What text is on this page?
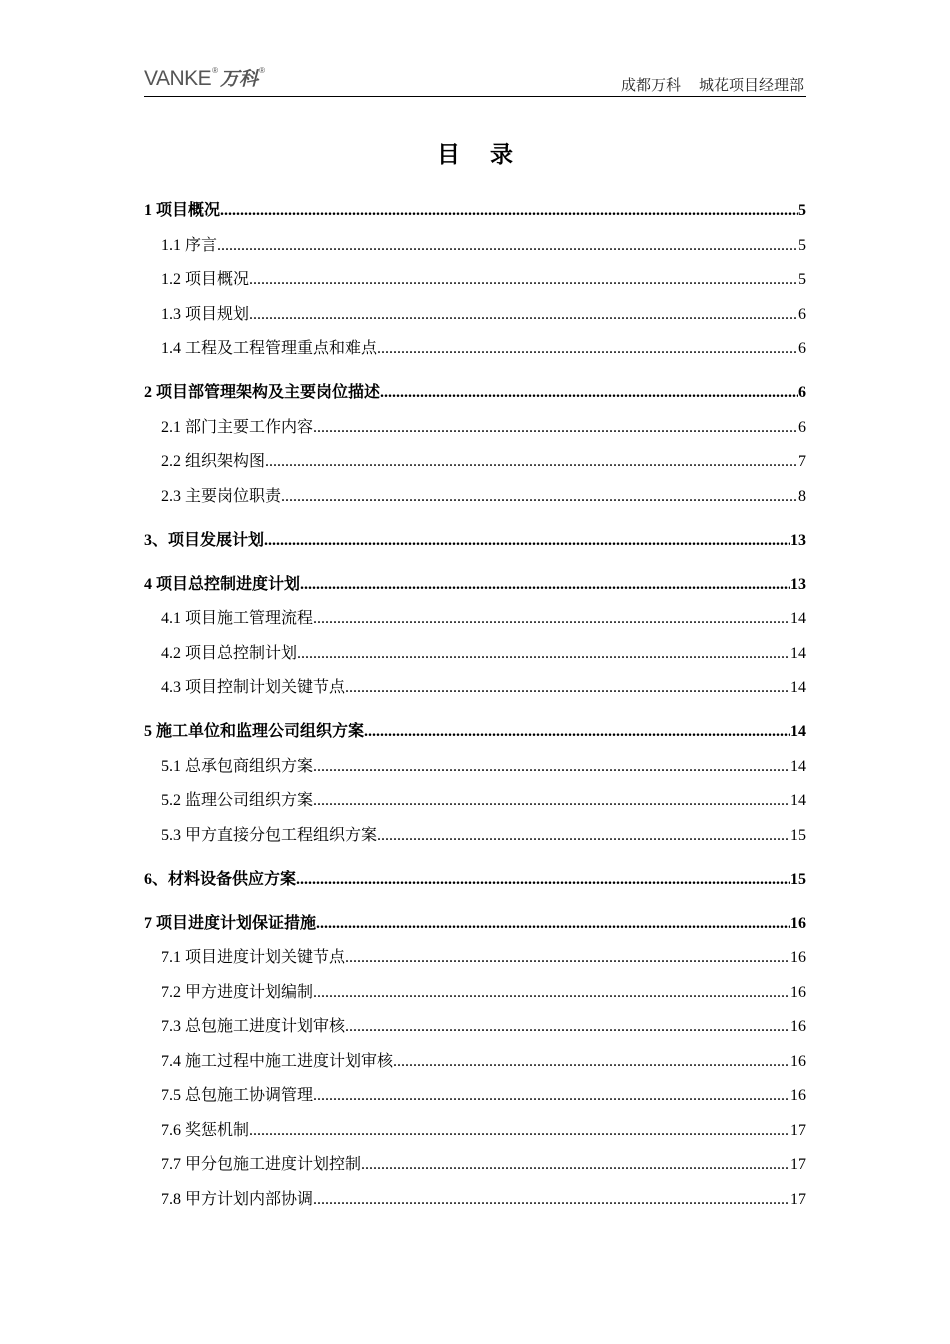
VANKE ® 万科 ®
成都万科 城花项目经理部
目录
1 项目概况 .....	5
1.1 序言 .....	5
1.2 项目概况 .....	5
1.3 项目规划 .....	6
1.4 工程及工程管理重点和难点 .....	6
2 项目部管理架构及主要岗位描述 .....	6
2.1 部门主要工作内容 .....	6
2.2 组织架构图 .....	7
2.3 主要岗位职责 .....	8
3、项目发展计划 .....	13
4 项目总控制进度计划 .....	13
4.1 项目施工管理流程 .....	14
4.2 项目总控制计划 .....	14
4.3 项目控制计划关键节点 .....	14
5 施工单位和监理公司组织方案 .....	14
5.1 总承包商组织方案 .....	14
5.2 监理公司组织方案 .....	14
5.3 甲方直接分包工程组织方案 .....	15
6、材料设备供应方案 .....	15
7 项目进度计划保证措施 .....	16
7.1 项目进度计划关键节点 .....	16
7.2 甲方进度计划编制 .....	16
7.3 总包施工进度计划审核 .....	16
7.4 施工过程中施工进度计划审核 .....	16
7.5 总包施工协调管理 .....	16
7.6 奖惩机制 .....	17
7.7 甲分包施工进度计划控制 .....	17
7.8 甲方计划内部协调 .....	17
